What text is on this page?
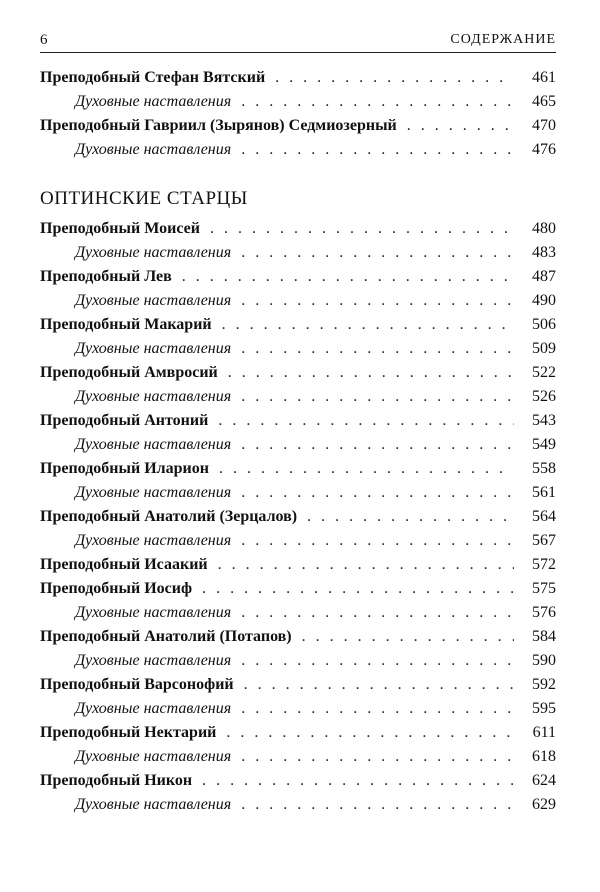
6	СОДЕРЖАНИЕ
Преподобный Стефан Вятский . . .	461
Духовные наставления . . .	465
Преподобный Гавриил (Зырянов) Седмиозерный . . .	470
Духовные наставления . . .	476
ОПТИНСКИЕ СТАРЦЫ
Преподобный Моисей . . .	480
Духовные наставления . . .	483
Преподобный Лев . . .	487
Духовные наставления . . .	490
Преподобный Макарий . . .	506
Духовные наставления . . .	509
Преподобный Амвросий . . .	522
Духовные наставления . . .	526
Преподобный Антоний . . .	543
Духовные наставления . . .	549
Преподобный Иларион . . .	558
Духовные наставления . . .	561
Преподобный Анатолий (Зерцалов) . . .	564
Духовные наставления . . .	567
Преподобный Исаакий . . .	572
Преподобный Иосиф . . .	575
Духовные наставления . . .	576
Преподобный Анатолий (Потапов) . . .	584
Духовные наставления . . .	590
Преподобный Варсонофий . . .	592
Духовные наставления . . .	595
Преподобный Нектарий . . .	611
Духовные наставления . . .	618
Преподобный Никон . . .	624
Духовные наставления . . .	629
